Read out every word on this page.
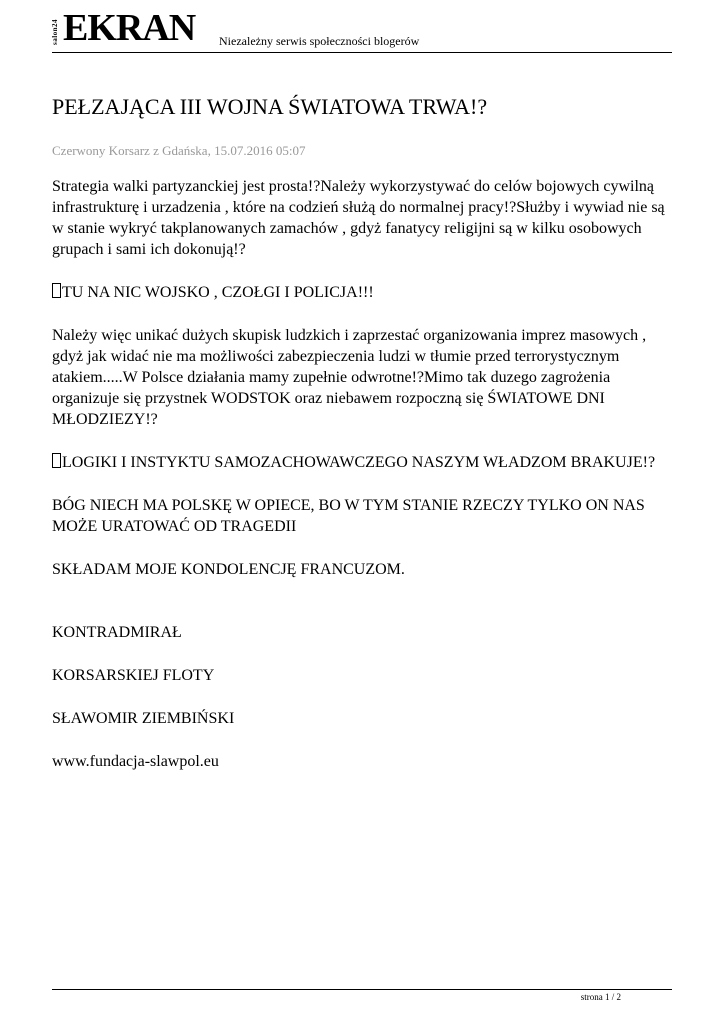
salon24 EKRAN Niezależny serwis społeczności blogerów
PEŁZAJĄCA III WOJNA ŚWIATOWA TRWA!?
Czerwony Korsarz z Gdańska, 15.07.2016 05:07

Strategia walki partyzanckiej jest prosta!?Należy wykorzystywać do celów bojowych cywilną infrastrukturę i urzadzenia , które na codzień służą do normalnej pracy!?Służby i wywiad nie są w stanie wykryć takplanowanych zamachów , gdyż fanatycy religijni są w kilku osobowych grupach i sami ich dokonują!?

TU NA NIC WOJSKO , CZOŁGI I POLICJA!!!

Należy więc unikać dużych skupisk ludzkich i zaprzestać organizowania imprez masowych , gdyż jak widać nie ma możliwości zabezpieczenia ludzi w tłumie przed terrorystycznym atakiem.....W Polsce działania mamy zupełnie odwrotne!?Mimo tak duzego zagrożenia organizuje się przystnek WODSTOK oraz niebawem rozpoczną się ŚWIATOWE DNI MŁODZIEZY!?

LOGIKI I INSTYKTU SAMOZACHOWAWCZEGO NASZYM WŁADZOM BRAKUJE!?

BÓG NIECH MA POLSKĘ W OPIECE, BO W TYM STANIE RZECZY TYLKO ON NAS MOŻE URATOWAĆ OD TRAGEDII

SKŁADAM MOJE KONDOLENCJĘ FRANCUZOM.

KONTRADMIRAŁ

KORSARSKIEJ FLOTY

SŁAWOMIR ZIEMBIŃSKI

www.fundacja-slawpol.eu

strona 1 / 2
